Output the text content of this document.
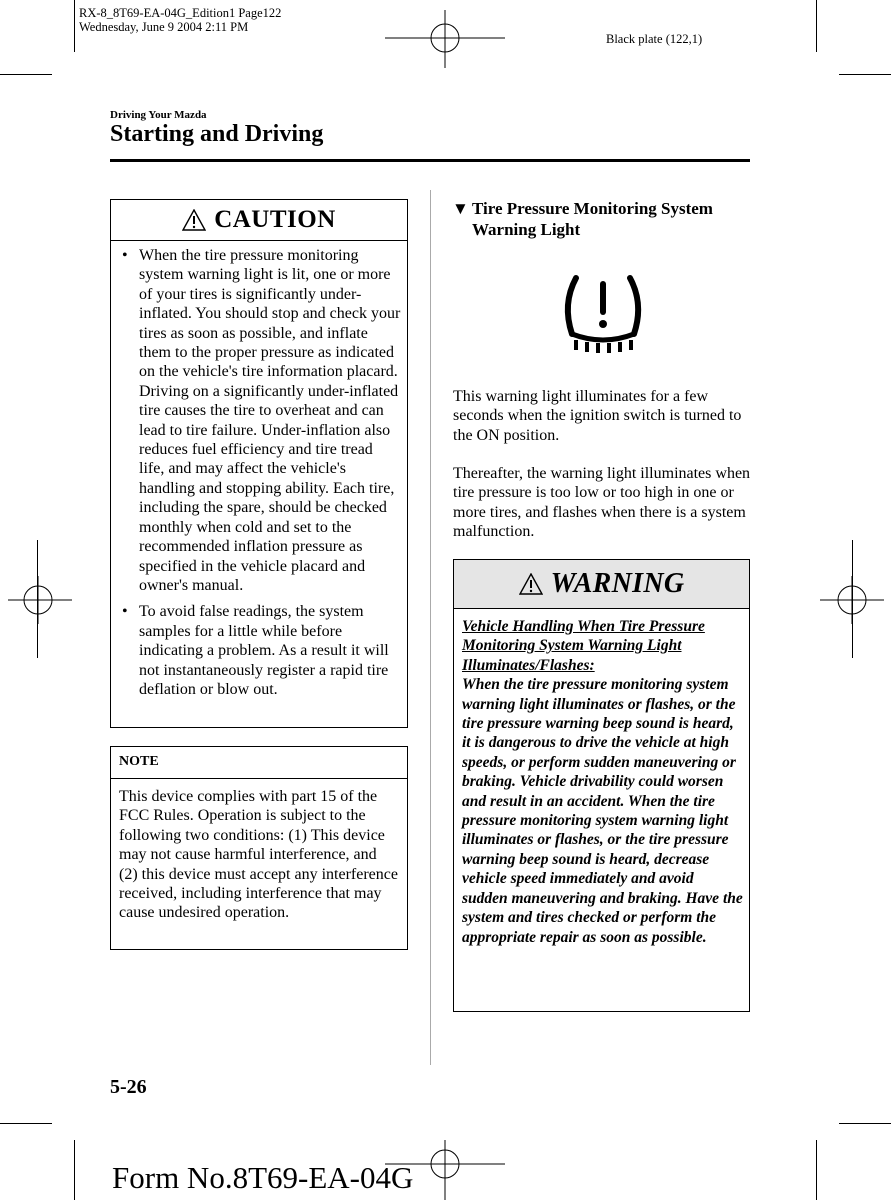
RX-8_8T69-EA-04G_Edition1 Page122
Wednesday, June 9 2004 2:11 PM
Black plate (122,1)
Driving Your Mazda
Starting and Driving
CAUTION
• When the tire pressure monitoring system warning light is lit, one or more of your tires is significantly under-inflated. You should stop and check your tires as soon as possible, and inflate them to the proper pressure as indicated on the vehicle's tire information placard. Driving on a significantly under-inflated tire causes the tire to overheat and can lead to tire failure. Under-inflation also reduces fuel efficiency and tire tread life, and may affect the vehicle's handling and stopping ability. Each tire, including the spare, should be checked monthly when cold and set to the recommended inflation pressure as specified in the vehicle placard and owner's manual.
• To avoid false readings, the system samples for a little while before indicating a problem. As a result it will not instantaneously register a rapid tire deflation or blow out.
NOTE
This device complies with part 15 of the FCC Rules. Operation is subject to the following two conditions: (1) This device may not cause harmful interference, and (2) this device must accept any interference received, including interference that may cause undesired operation.
▼ Tire Pressure Monitoring System Warning Light
This warning light illuminates for a few seconds when the ignition switch is turned to the ON position.
Thereafter, the warning light illuminates when tire pressure is too low or too high in one or more tires, and flashes when there is a system malfunction.
WARNING
Vehicle Handling When Tire Pressure Monitoring System Warning Light Illuminates/Flashes:
When the tire pressure monitoring system warning light illuminates or flashes, or the tire pressure warning beep sound is heard, it is dangerous to drive the vehicle at high speeds, or perform sudden maneuvering or braking. Vehicle drivability could worsen and result in an accident. When the tire pressure monitoring system warning light illuminates or flashes, or the tire pressure warning beep sound is heard, decrease vehicle speed immediately and avoid sudden maneuvering and braking. Have the system and tires checked or perform the appropriate repair as soon as possible.
5-26
Form No.8T69-EA-04G
